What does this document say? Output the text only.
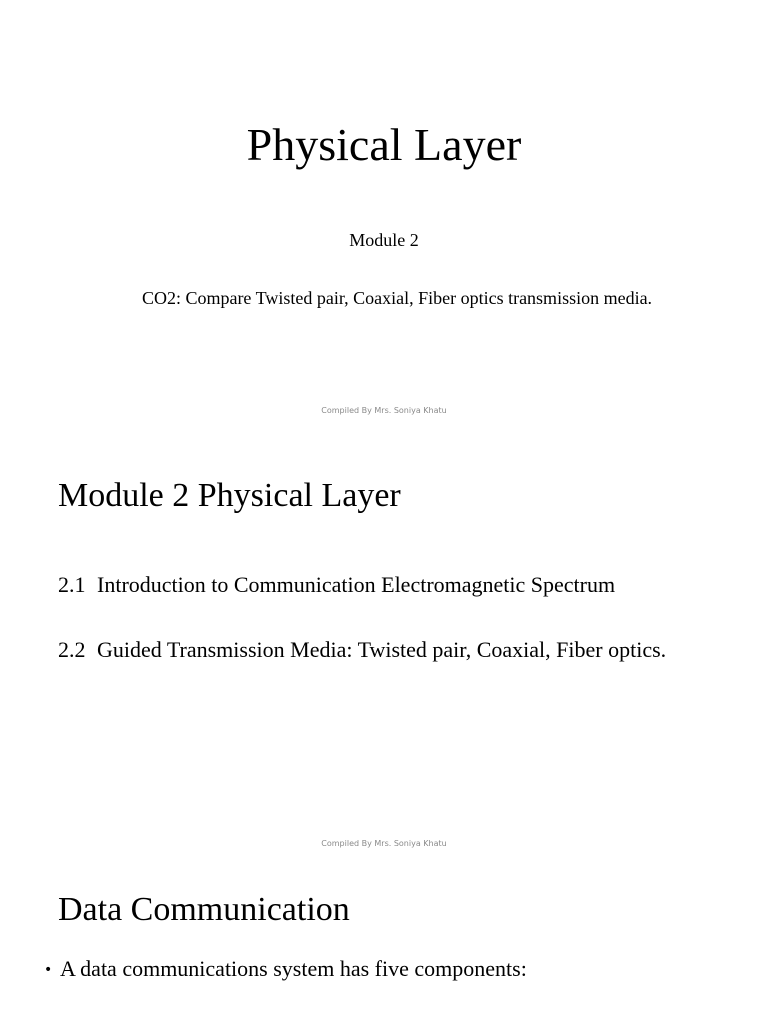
Physical Layer
Module 2
CO2: Compare Twisted pair, Coaxial, Fiber optics transmission media.
Compiled By Mrs. Soniya Khatu
Module 2 Physical Layer
2.1 Introduction to Communication Electromagnetic Spectrum
2.2 Guided Transmission Media: Twisted pair, Coaxial, Fiber optics.
Compiled By Mrs. Soniya Khatu
Data Communication
• A data communications system has five components:
